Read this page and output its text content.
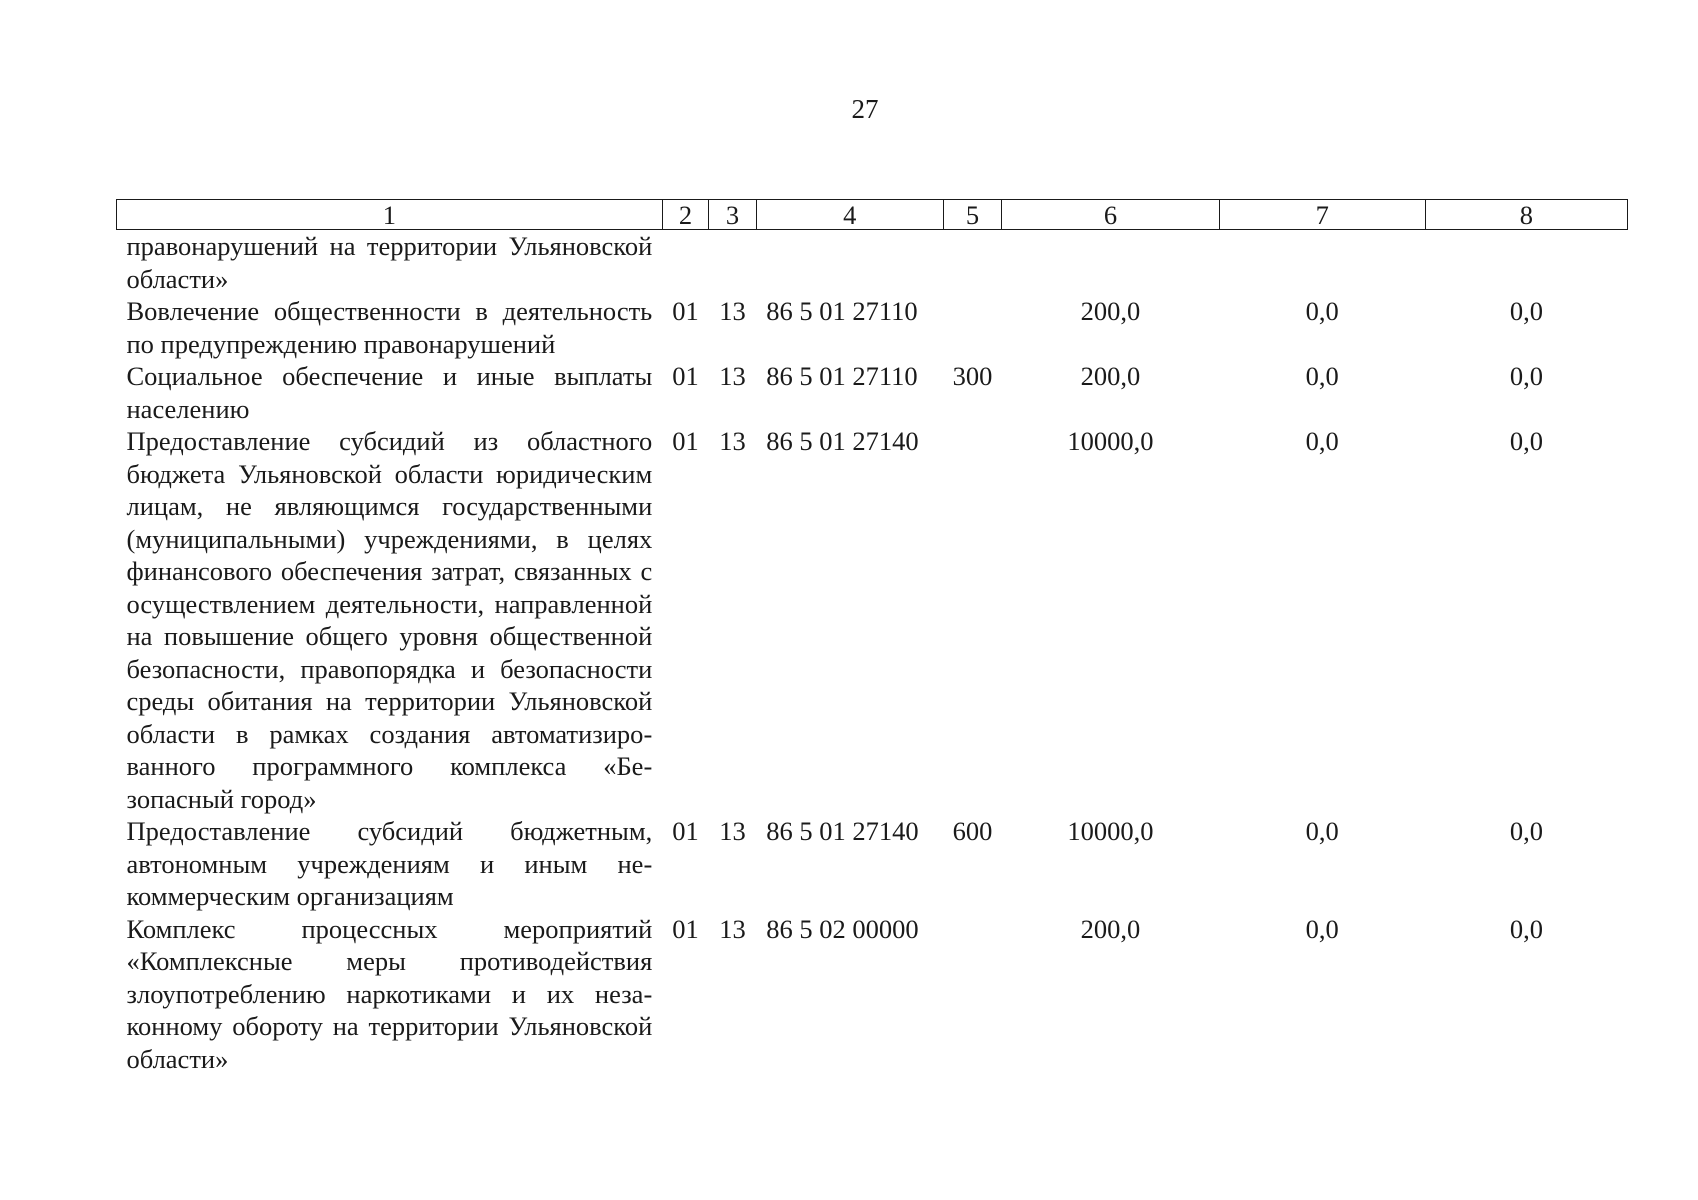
27
1	2	3	4	5	6	7	8
правонарушений на территории Ульяновской области»							
Вовлечение общественности в деятельность по предупреждению правонарушений	01	13	86 5 01 27110		200,0	0,0	0,0
Социальное обеспечение и иные выплаты населению	01	13	86 5 01 27110	300	200,0	0,0	0,0
Предоставление субсидий из областного бюджета Ульяновской области юридическим лицам, не являющимся государственными (муниципальными) учреждениями, в целях финансового обеспечения затрат, связанных с осуществлением деятельности, направленной на повышение общего уровня общественной безопасности, правопорядка и безопасности среды обитания на территории Ульяновской области в рамках создания автоматизированного программного комплекса «Безопасный город»	01	13	86 5 01 27140		10000,0	0,0	0,0
Предоставление субсидий бюджетным, автономным учреждениям и иным некоммерческим организациям	01	13	86 5 01 27140	600	10000,0	0,0	0,0
Комплекс процессных мероприятий «Комплексные меры противодействия злоупотреблению наркотиками и их незаконному обороту на территории Ульяновской области»	01	13	86 5 02 00000		200,0	0,0	0,0
